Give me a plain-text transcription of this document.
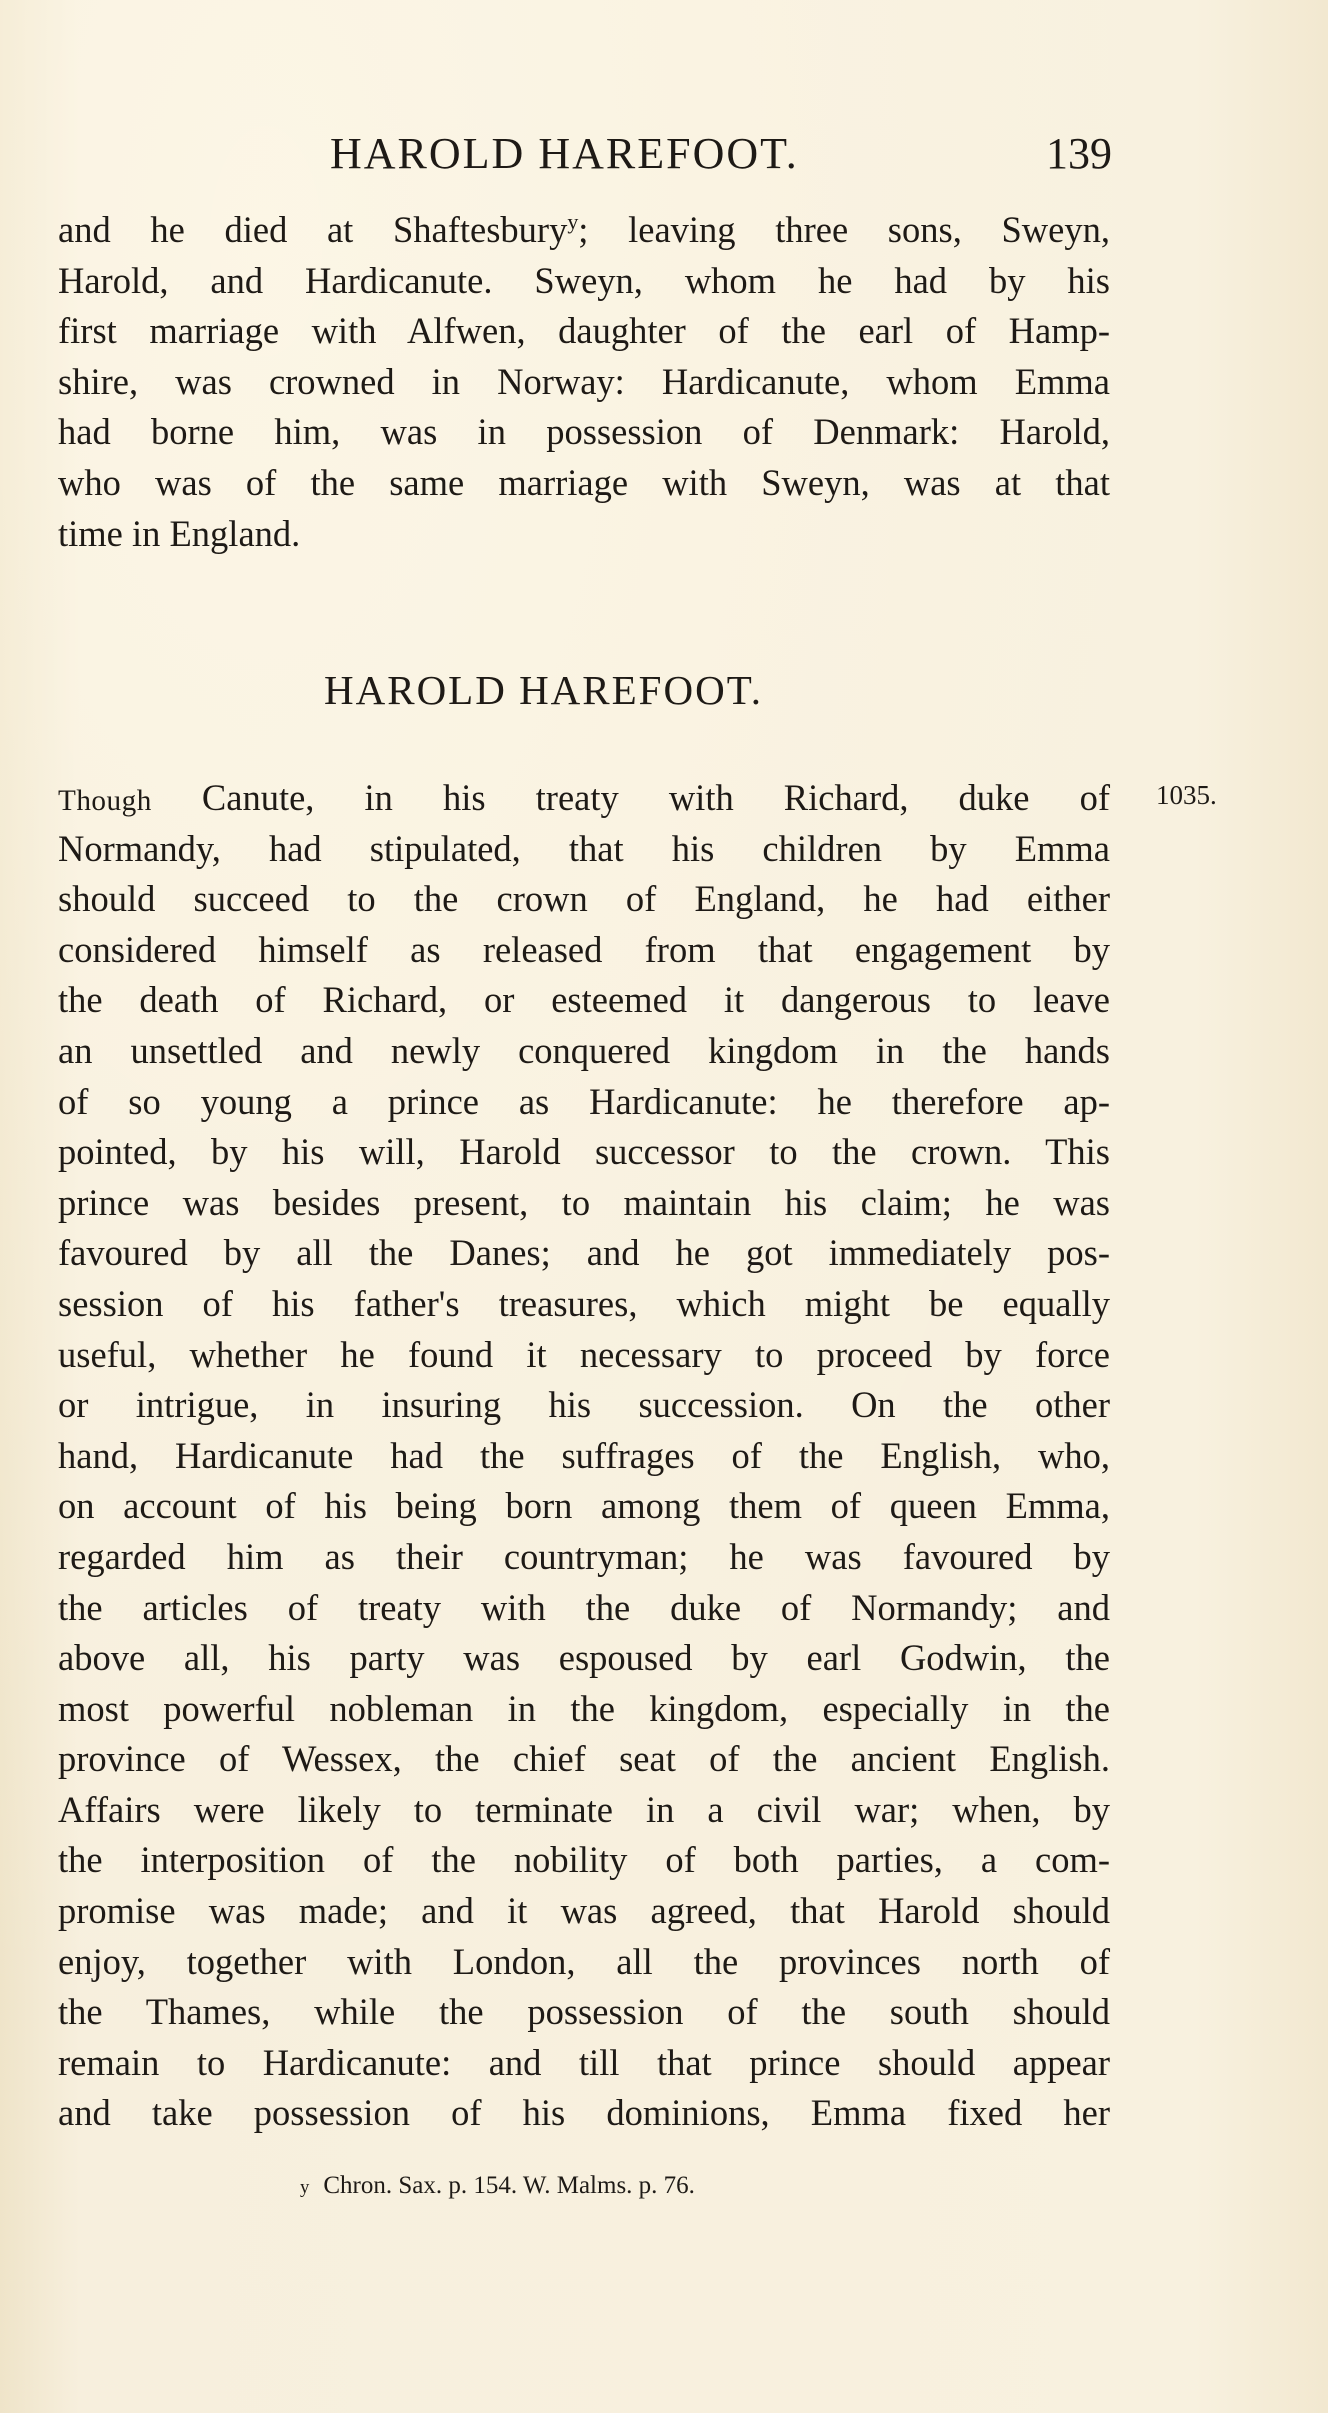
HAROLD HAREFOOT.	139
and he died at Shaftesbury$^y$; leaving three sons, Sweyn,
Harold, and Hardicanute. Sweyn, whom he had by his
first marriage with Alfwen, daughter of the earl of Hamp-
shire, was crowned in Norway: Hardicanute, whom Emma
had borne him, was in possession of Denmark: Harold,
who was of the same marriage with Sweyn, was at that
time in England.
HAROLD HAREFOOT.
1035.
Though Canute, in his treaty with Richard, duke of
Normandy, had stipulated, that his children by Emma
should succeed to the crown of England, he had either
considered himself as released from that engagement by
the death of Richard, or esteemed it dangerous to leave
an unsettled and newly conquered kingdom in the hands
of so young a prince as Hardicanute: he therefore ap-
pointed, by his will, Harold successor to the crown. This
prince was besides present, to maintain his claim; he was
favoured by all the Danes; and he got immediately pos-
session of his father's treasures, which might be equally
useful, whether he found it necessary to proceed by force
or intrigue, in insuring his succession. On the other
hand, Hardicanute had the suffrages of the English, who,
on account of his being born among them of queen Emma,
regarded him as their countryman; he was favoured by
the articles of treaty with the duke of Normandy; and
above all, his party was espoused by earl Godwin, the
most powerful nobleman in the kingdom, especially in the
province of Wessex, the chief seat of the ancient English.
Affairs were likely to terminate in a civil war; when, by
the interposition of the nobility of both parties, a com-
promise was made; and it was agreed, that Harold should
enjoy, together with London, all the provinces north of
the Thames, while the possession of the south should
remain to Hardicanute: and till that prince should appear
and take possession of his dominions, Emma fixed her
y Chron. Sax. p. 154. W. Malms. p. 76.
